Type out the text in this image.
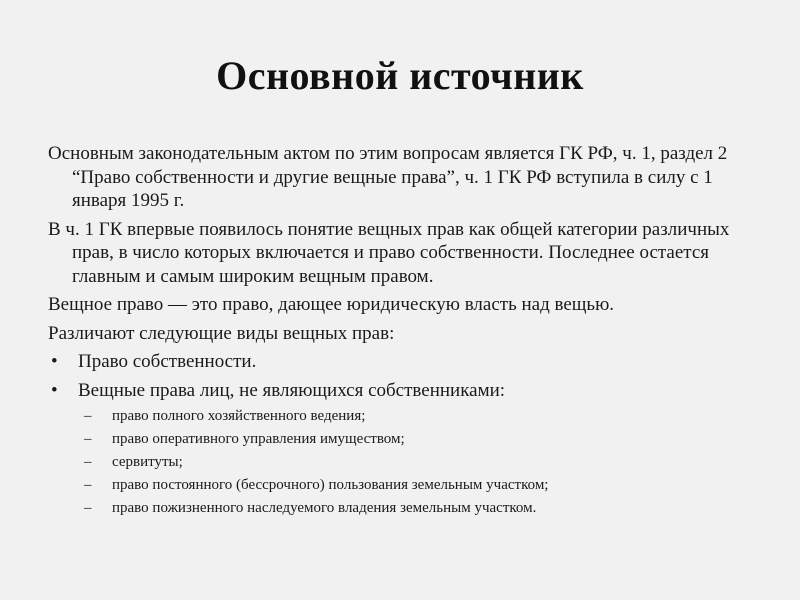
Основной источник

Основным законодательным актом по этим вопросам является ГК РФ, ч. 1, раздел 2 “Право собственности и другие вещные права”, ч. 1 ГК РФ вступила в силу с 1 января 1995 г.

В ч. 1 ГК впервые появилось понятие вещных прав как общей категории различных прав, в число которых включается и право собственности. Последнее остается главным и самым широким вещным правом.

Вещное право — это право, дающее юридическую власть над вещью.

Различают следующие виды вещных прав:

• Право собственности.
• Вещные права лиц, не являющихся собственниками:
– право полного хозяйственного ведения;
– право оперативного управления имуществом;
– сервитуты;
– право постоянного (бессрочного) пользования земельным участком;
– право пожизненного наследуемого владения земельным участком.
